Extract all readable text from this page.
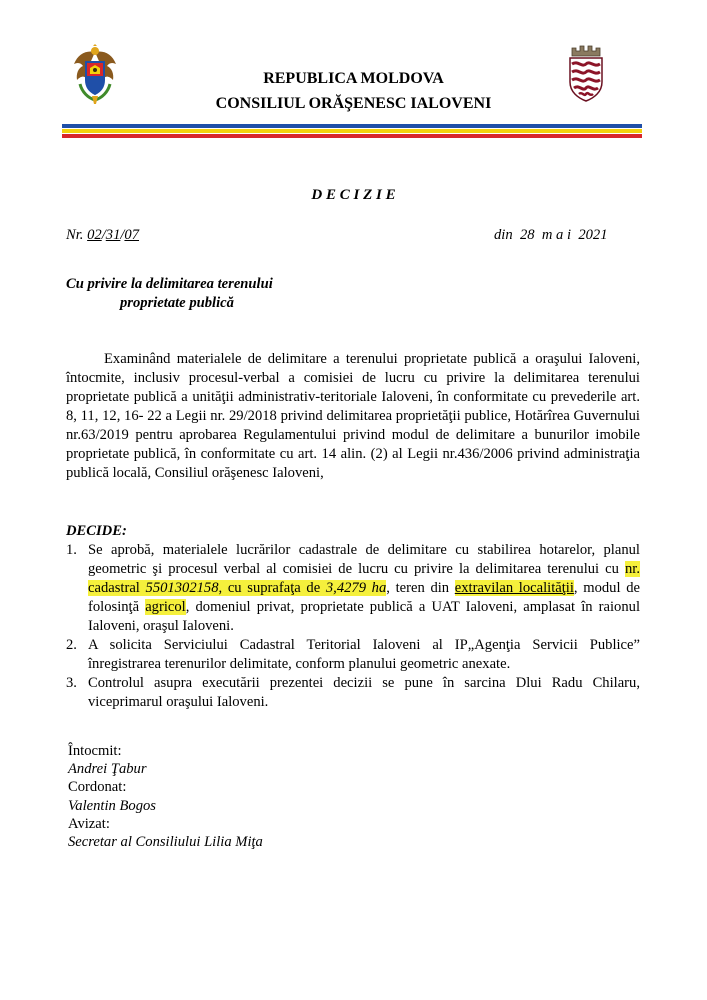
REPUBLICA MOLDOVA
CONSILIUL ORĂŞENESC IALOVENI
D E C I Z I E
Nr. 02/31/07	din  28  m a i  2021
Cu privire la delimitarea terenului
proprietate publică
Examinând materialele de delimitare a terenului proprietate publică a oraşului Ialoveni, întocmite, inclusiv procesul-verbal a comisiei de lucru cu privire la delimitarea terenului proprietate publică a unităţii administrativ-teritoriale Ialoveni, în conformitate cu prevederile art. 8, 11, 12, 16- 22 a Legii nr. 29/2018 privind delimitarea proprietăţii publice, Hotărîrea Guvernului nr.63/2019 pentru aprobarea Regulamentului privind modul de delimitare a bunurilor imobile proprietate publică, în conformitate cu art. 14 alin. (2) al Legii nr.436/2006 privind administraţia publică locală, Consiliul orăşenesc Ialoveni,
DECIDE:
1. Se aprobă, materialele lucrărilor cadastrale de delimitare cu stabilirea hotarelor, planul geometric şi procesul verbal al comisiei de lucru cu privire la delimitarea terenului cu nr. cadastral 5501302158, cu suprafaţa de 3,4279 ha, teren din extravilan localităţii, modul de folosinţă agricol, domeniul privat, proprietate publică a UAT Ialoveni, amplasat în raionul Ialoveni, oraşul Ialoveni.
2. A solicita Serviciului Cadastral Teritorial Ialoveni al IP„Agenţia Servicii Publice” înregistrarea terenurilor delimitate, conform planului geometric anexate.
3. Controlul asupra executării prezentei decizii se pune în sarcina Dlui Radu Chilaru, viceprimarul oraşului Ialoveni.
Întocmit:
Andrei Ţabur
Cordonat:
Valentin Bogos
Avizat:
Secretar al Consiliului Lilia Miţa
